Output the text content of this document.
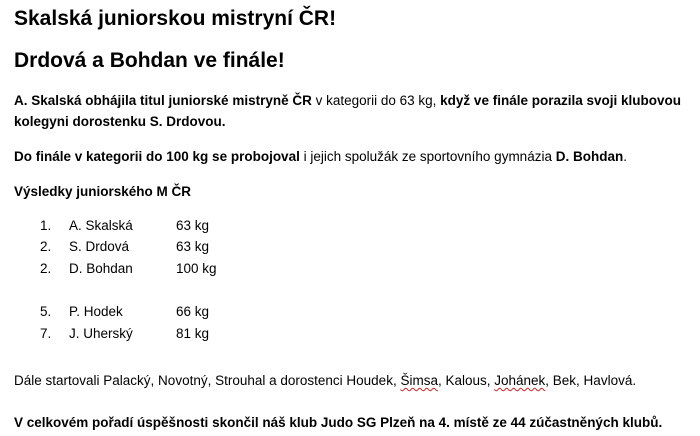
Skalská juniorskou mistryní ČR!
Drdová a Bohdan ve finále!
A. Skalská obhájila titul juniorské mistryně ČR v kategorii do 63 kg, když ve finále porazila svoji klubovou kolegyni dorostenku S. Drdovou.
Do finále v kategorii do 100 kg se probojoval i jejich spolužák ze sportovního gymnázia D. Bohdan.
Výsledky juniorského M ČR
1.	A. Skalská	63 kg
2.	S. Drdová	63 kg
2.	D. Bohdan	100 kg
5.	P. Hodek	66 kg
7.	J. Uherský	81 kg
Dále startovali Palacký, Novotný, Strouhal a dorostenci Houdek, Šimsa, Kalous, Johánek, Bek, Havlová.
V celkovém pořadí úspěšnosti skončil náš klub Judo SG Plzeň na 4. místě ze 44 zúčastněných klubů.
